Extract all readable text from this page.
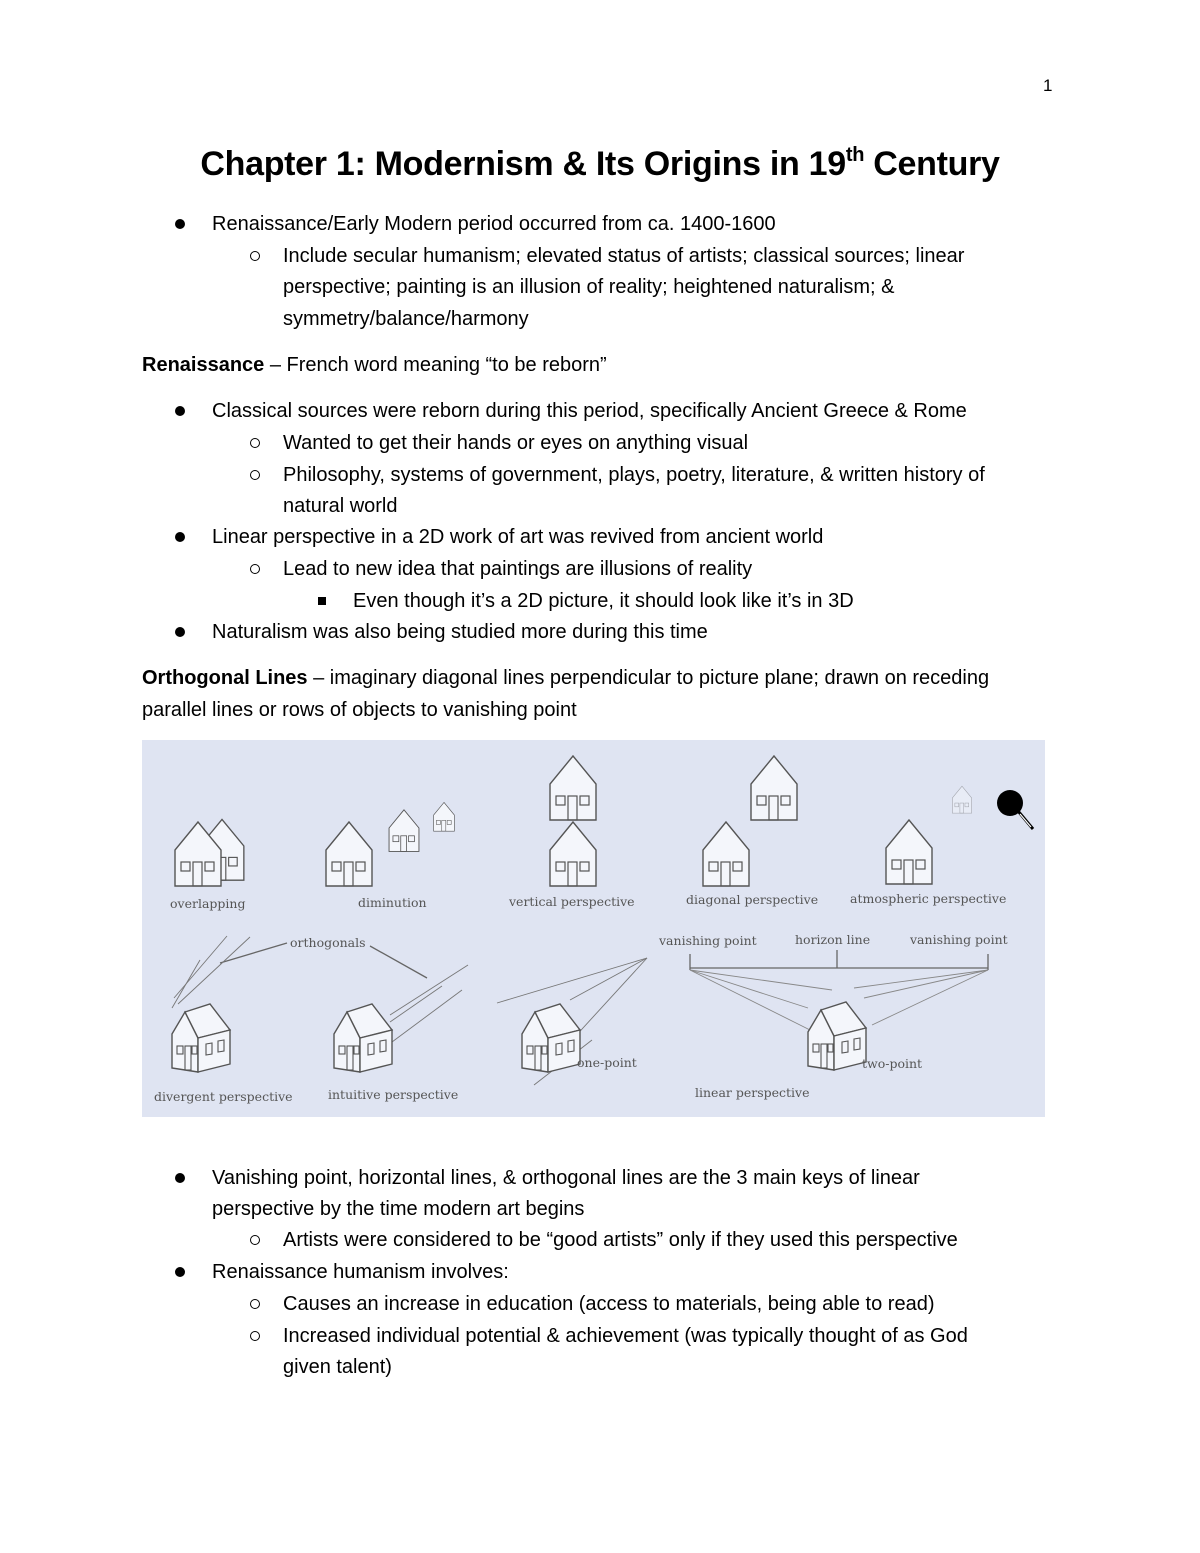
1
Chapter 1: Modernism & Its Origins in 19th Century
Renaissance/Early Modern period occurred from ca. 1400-1600
Include secular humanism; elevated status of artists; classical sources; linear
perspective; painting is an illusion of reality; heightened naturalism; &
symmetry/balance/harmony
Renaissance – French word meaning “to be reborn”
Classical sources were reborn during this period, specifically Ancient Greece & Rome
Wanted to get their hands or eyes on anything visual
Philosophy, systems of government, plays, poetry, literature, & written history of
natural world
Linear perspective in a 2D work of art was revived from ancient world
Lead to new idea that paintings are illusions of reality
Even though it’s a 2D picture, it should look like it’s in 3D
Naturalism was also being studied more during this time
Orthogonal Lines – imaginary diagonal lines perpendicular to picture plane; drawn on receding
parallel lines or rows of objects to vanishing point
overlapping	diminution	vertical perspective	diagonal perspective	atmospheric perspective
orthogonals
one-point
vanishing point	horizon line	vanishing point
two-point
divergent perspective	intuitive perspective	linear perspective
Vanishing point, horizontal lines, & orthogonal lines are the 3 main keys of linear
perspective by the time modern art begins
Artists were considered to be “good artists” only if they used this perspective
Renaissance humanism involves:
Causes an increase in education (access to materials, being able to read)
Increased individual potential & achievement (was typically thought of as God
given talent)
